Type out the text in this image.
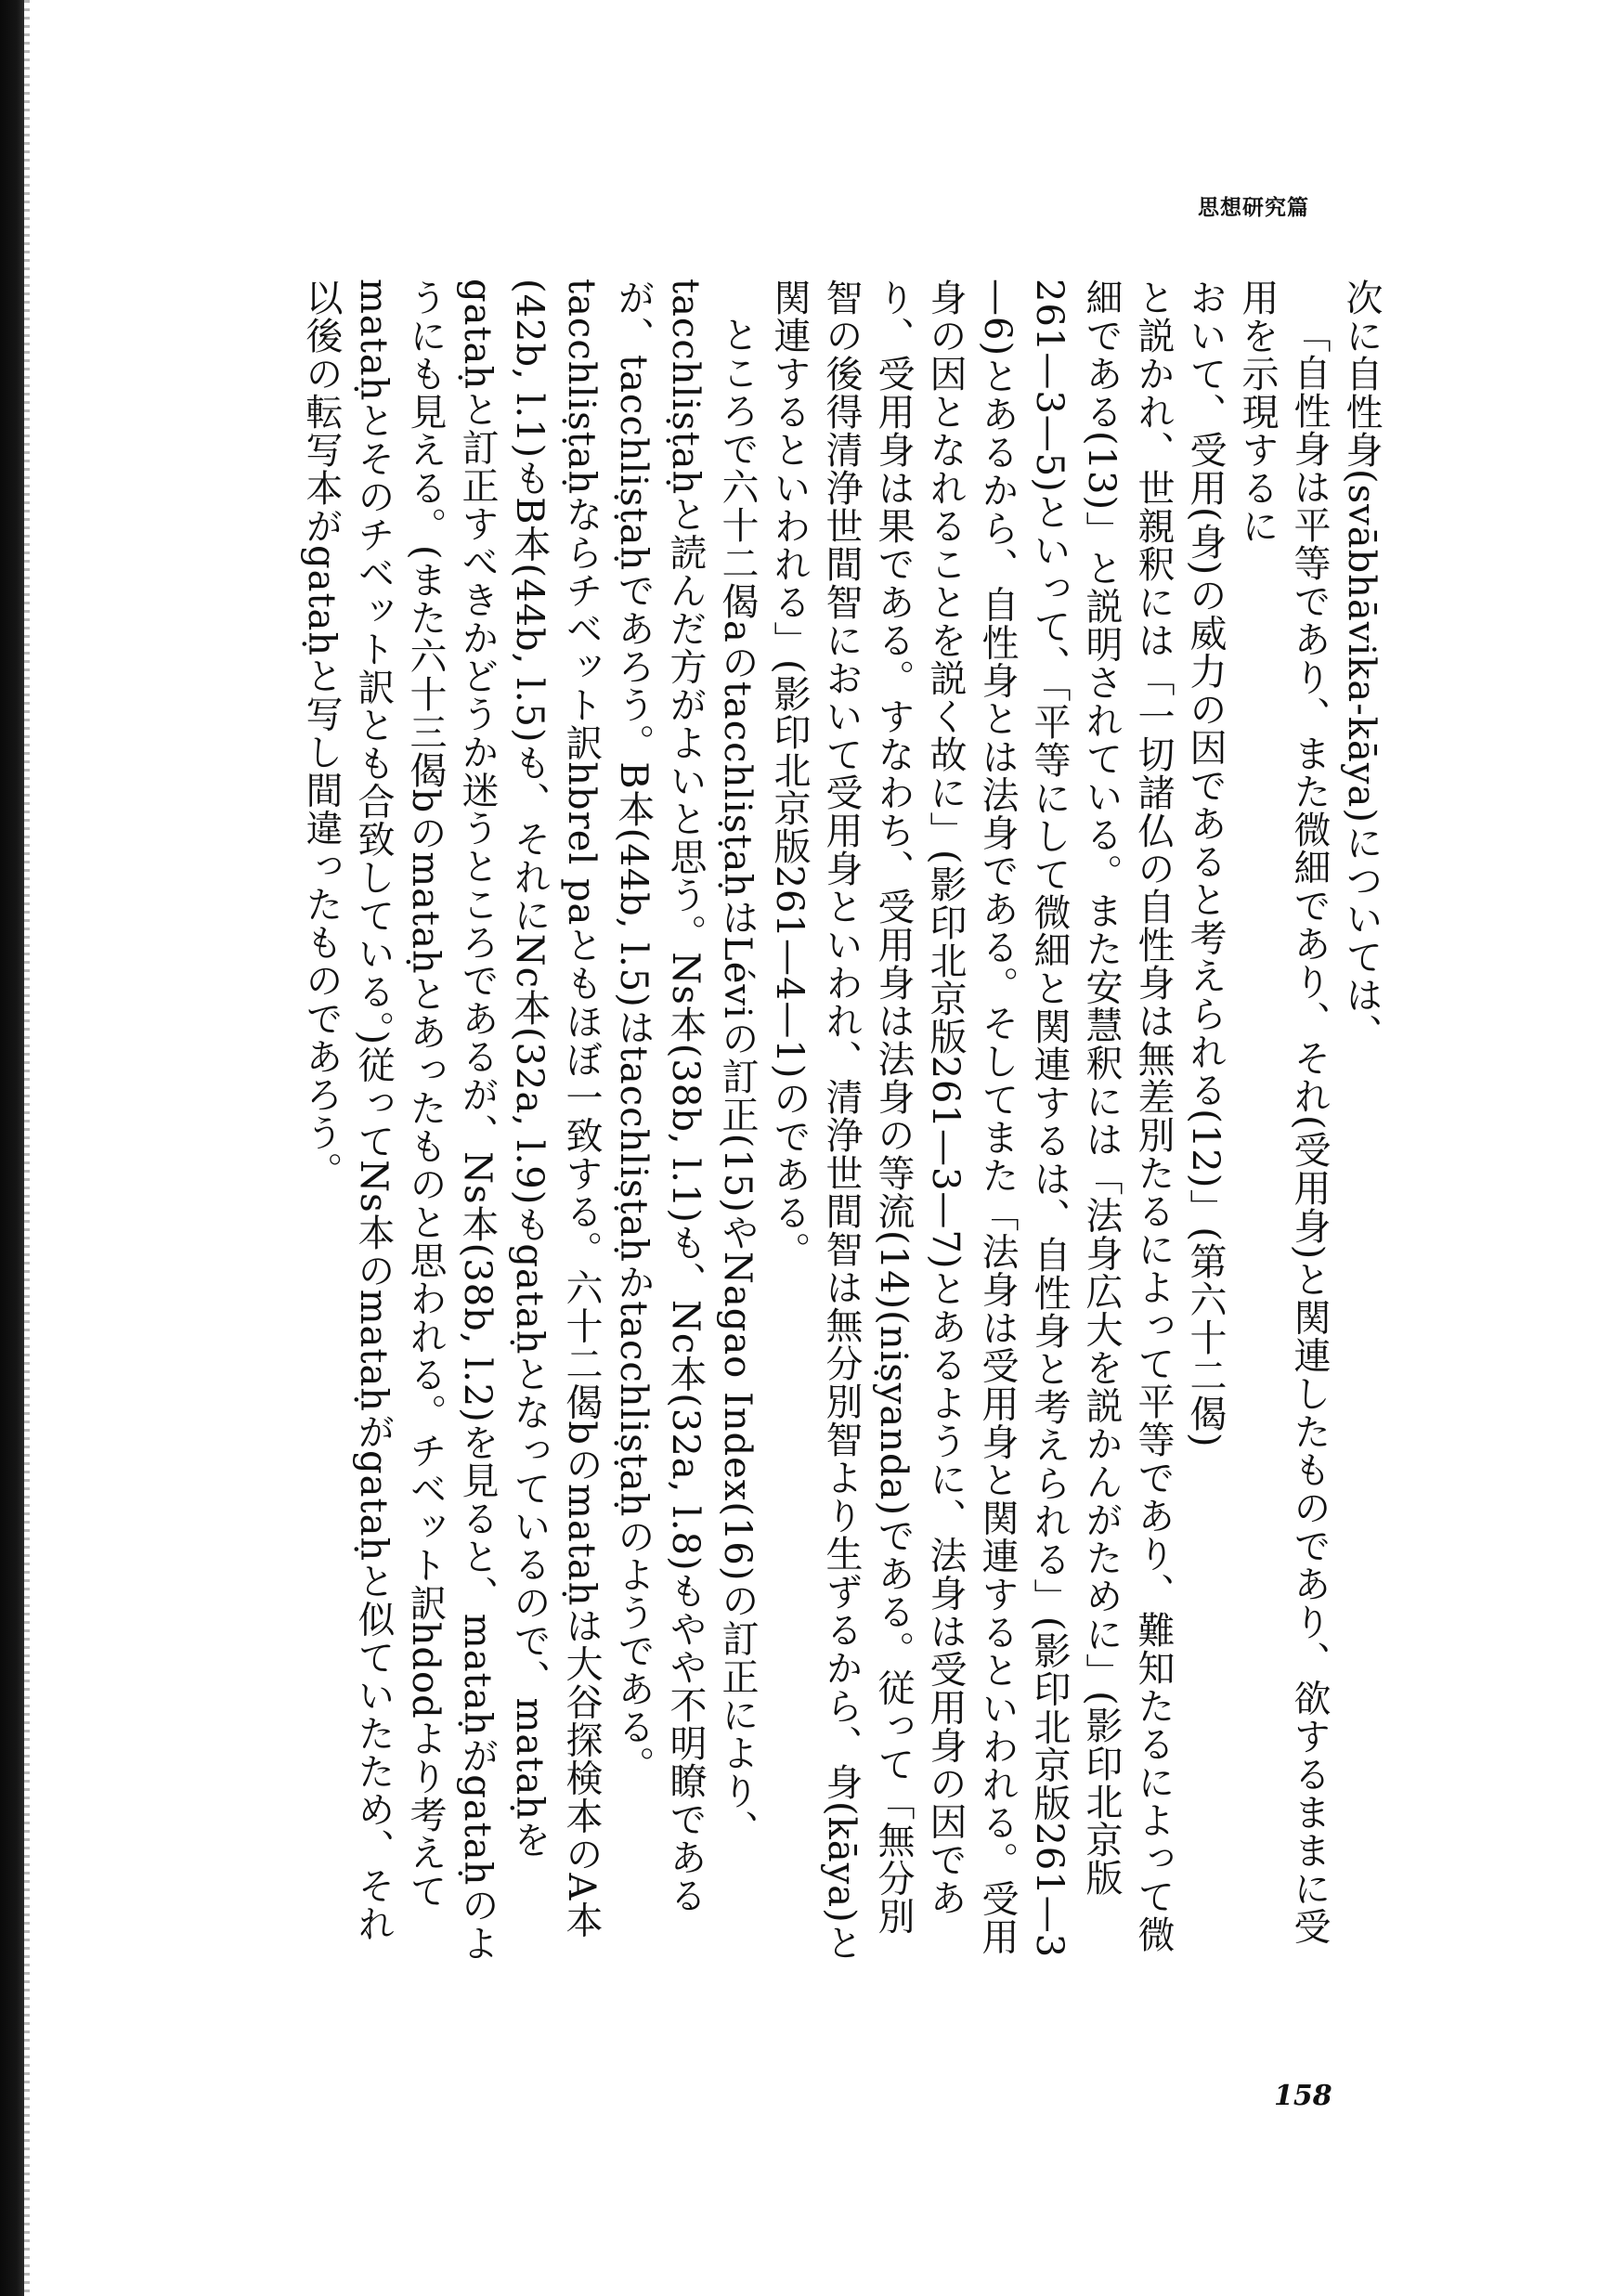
思想研究篇

次に自性身(svābhāvika-kāya)については、

「自性身は平等であり、また微細であり、それ(受用身)と関連したものであり、欲するままに受用を示現するに

おいて、受用(身)の威力の因であると考えられる(12)」(第六十二偈)

と説かれ、世親釈には「一切諸仏の自性身は無差別たるによって平等であり、難知たるによって微細である(13)」と説明されている。また安慧釈には「法身広大を説かんがために」(影印北京版261—3—5)といって、「平等にして微細と関連するは、自性身と考えられる」(影印北京版261—3—6)とあるから、自性身とは法身である。そしてまた「法身は受用身と関連するといわれる。受用身の因となれることを説く故に」(影印北京版261—3—7)とあるように、法身は受用身の因であり、受用身は果である。すなわち、受用身は法身の等流(14)(niṣyanda)である。従って「無分別智の後得清浄世間智において受用身といわれ、清浄世間智は無分別智より生ずるから、身(kāya)と関連するといわれる」(影印北京版261—4—1)のである。

ところで六十二偈aのtacchliṣṭaḥはLéviの訂正(15)やNagao Index(16)の訂正により、tacchliṣṭaḥと読んだ方がよいと思う。Ns本(38b, l.1)も、Nc本(32a, l.8)もやや不明瞭であるが、tacchliṣṭaḥであろう。B本(44b, l.5)はtacchliṣṭaḥかtacchliṣṭaḥのようである。tacchliṣṭaḥならチベット訳hbrel paともほぼ一致する。六十二偈bのmataḥは大谷探検本のA本(42b, l.1)もB本(44b, l.5)も、それにNc本(32a, l.9)もgataḥとなっているので、mataḥをgataḥと訂正すべきかどうか迷うところであるが、Ns本(38b, l.2)を見ると、mataḥがgataḥのようにも見える。(また六十三偈bのmataḥとあったものと思われる。チベット訳hdodより考えてmataḥとそのチベット訳とも合致している。)従ってNs本のmataḥがgataḥと似ていたため、それ以後の転写本がgataḥと写し間違ったものであろう。

158
